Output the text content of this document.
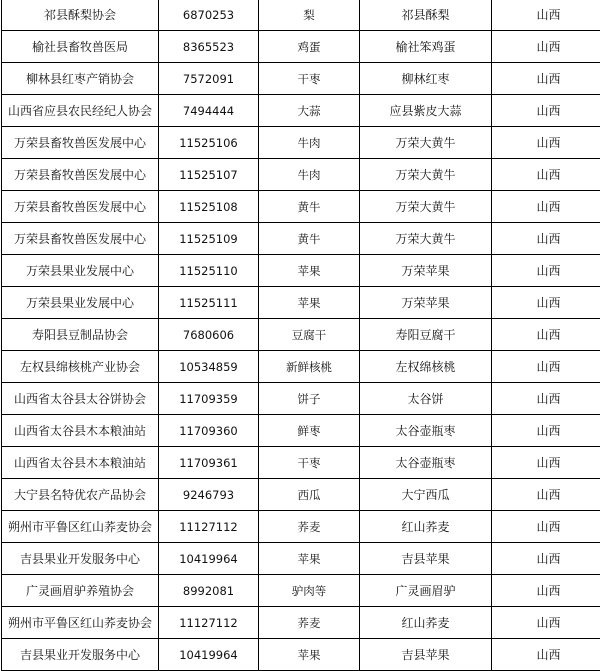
祁县酥梨协会	6870253	梨	祁县酥梨	山西
榆社县畜牧兽医局	8365523	鸡蛋	榆社笨鸡蛋	山西
柳林县红枣产销协会	7572091	干枣	柳林红枣	山西
山西省应县农民经纪人协会	7494444	大蒜	应县紫皮大蒜	山西
万荣县畜牧兽医发展中心	11525106	牛肉	万荣大黄牛	山西
万荣县畜牧兽医发展中心	11525107	牛肉	万荣大黄牛	山西
万荣县畜牧兽医发展中心	11525108	黄牛	万荣大黄牛	山西
万荣县畜牧兽医发展中心	11525109	黄牛	万荣大黄牛	山西
万荣县果业发展中心	11525110	苹果	万荣苹果	山西
万荣县果业发展中心	11525111	苹果	万荣苹果	山西
寿阳县豆制品协会	7680606	豆腐干	寿阳豆腐干	山西
左权县绵核桃产业协会	10534859	新鲜核桃	左权绵核桃	山西
山西省太谷县太谷饼协会	11709359	饼子	太谷饼	山西
山西省太谷县木本粮油站	11709360	鲜枣	太谷壶瓶枣	山西
山西省太谷县木本粮油站	11709361	干枣	太谷壶瓶枣	山西
大宁县名特优农产品协会	9246793	西瓜	大宁西瓜	山西
朔州市平鲁区红山荞麦协会	11127112	荞麦	红山荞麦	山西
吉县果业开发服务中心	10419964	苹果	吉县苹果	山西
广灵画眉驴养殖协会	8992081	驴肉等	广灵画眉驴	山西
朔州市平鲁区红山荞麦协会	11127112	荞麦	红山荞麦	山西
吉县果业开发服务中心	10419964	苹果	吉县苹果	山西
